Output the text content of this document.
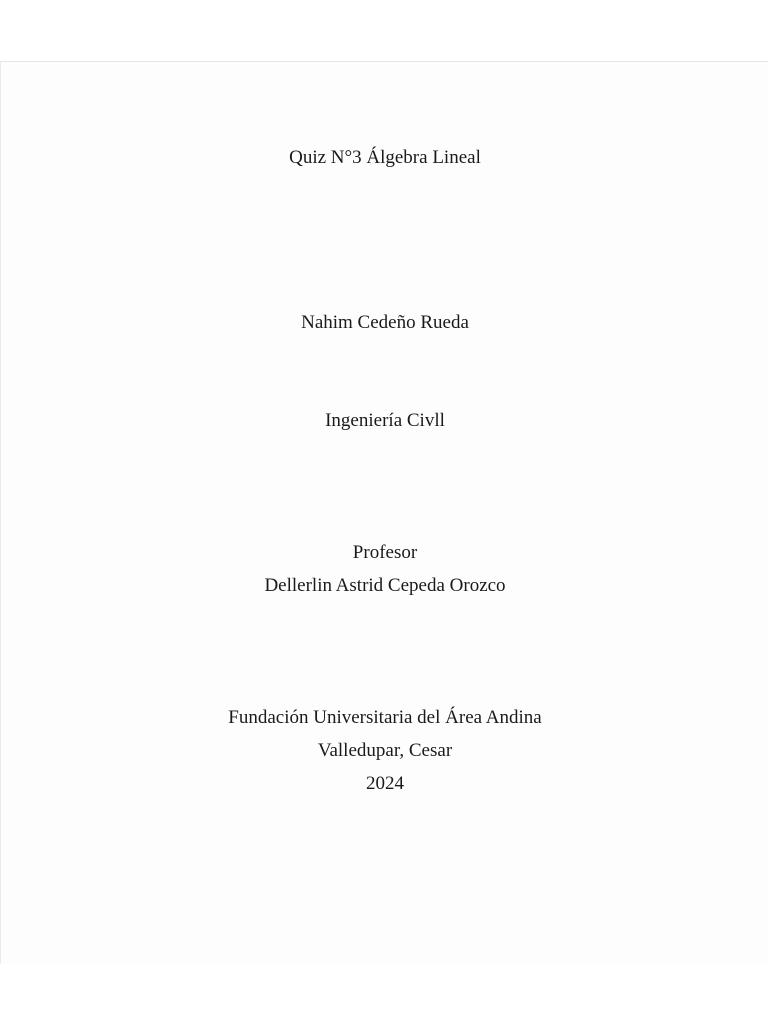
Quiz N°3 Álgebra Lineal
Nahim Cedeño Rueda
Ingeniería Civll
Profesor
Dellerlin Astrid Cepeda Orozco
Fundación Universitaria del Área Andina
Valledupar, Cesar
2024
